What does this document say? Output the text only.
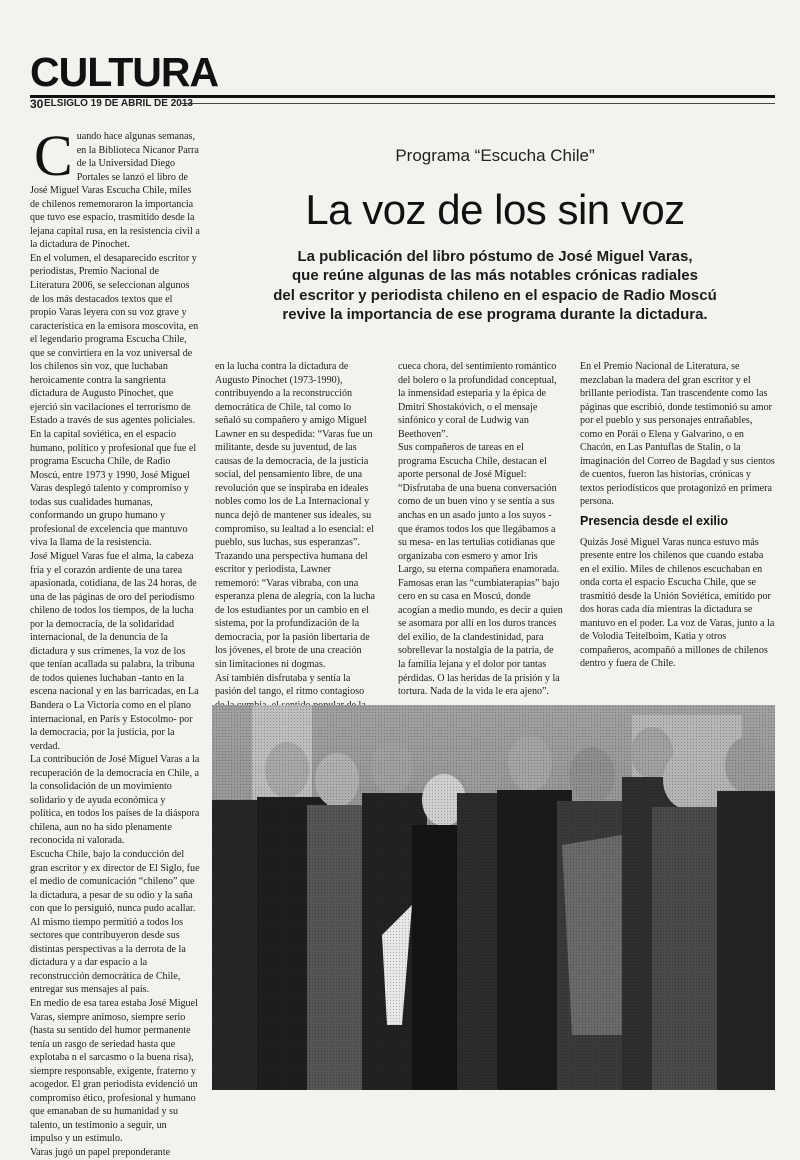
CULTURA
30 ELSIGLO 19 DE ABRIL DE 2013
Programa “Escucha Chile”
La voz de los sin voz
La publicación del libro póstumo de José Miguel Varas,
que reúne algunas de las más notables crónicas radiales
del escritor y periodista chileno en el espacio de Radio Moscú
revive la importancia de ese programa durante la dictadura.
C uando hace algunas semanas, en la Biblioteca Nicanor Parra de la Universidad Diego Portales se lanzó el libro de José Miguel Varas Escucha Chile, miles de chilenos rememoraron la importancia que tuvo ese espacio, trasmitido desde la lejana capital rusa, en la resistencia civil a la dictadura de Pinochet.

En el volumen, el desaparecido escritor y periodistas, Premio Nacional de Literatura 2006, se seleccionan algunos de los más destacados textos que el propio Varas leyera con su voz grave y característica en la emisora moscovita, en el legendario programa Escucha Chile, que se convirtiera en la voz universal de los chilenos sin voz, que luchaban heroicamente contra la sangrienta dictadura de Augusto Pinochet, que ejerció sin vacilaciones el terrorismo de Estado a través de sus agentes policiales.

En la capital soviética, en el espacio humano, político y profesional que fue el programa Escucha Chile, de Radio Moscú, entre 1973 y 1990, José Miguel Varas desplegó talento y compromiso y todas sus cualidades humanas, conformando un grupo humano y profesional de excelencia que mantuvo viva la llama de la resistencia.

José Miguel Varas fue el alma, la cabeza fría y el corazón ardiente de una tarea apasionada, cotidiana, de las 24 horas, de una de las páginas de oro del periodismo chileno de todos los tiempos, de la lucha por la democracia, de la solidaridad internacional, de la denuncia de la dictadura y sus crímenes, la voz de los que tenían acallada su palabra, la tribuna de todos quienes luchaban -tanto en la escena nacional y en las barricadas, en La Bandera o La Victoria como en el plano internacional, en París y Estocolmo- por la democracia, por la justicia, por la verdad.

La contribución de José Miguel Varas a la recuperación de la democracia en Chile, a la consolidación de un movimiento solidario y de ayuda económica y política, en todos los países de la diáspora chilena, aun no ha sido plenamente reconocida ni valorada.

Escucha Chile, bajo la conducción del gran escritor y ex director de El Siglo, fue el medio de comunicación “chileno” que la dictadura, a pesar de su odio y la saña con que lo persiguió, nunca pudo acallar.

Al mismo tiempo permitió a todos los sectores que contribuyeron desde sus distintas perspectivas a la derrota de la dictadura y a dar espacio a la reconstrucción democrática de Chile, entregar sus mensajes al país.

En medio de esa tarea estaba José Miguel Varas, siempre animoso, siempre serio (hasta su sentido del humor permanente tenía un rasgo de seriedad hasta que explotaba n el sarcasmo o la buena risa), siempre responsable, exigente, fraterno y acogedor. El gran periodista evidenció un compromiso ético, profesional y humano que emanaban de su humanidad y su talento, un testimonio a seguir, un impulso y un estímulo.

Varas jugó un papel preponderante

en la lucha contra la dictadura de Augusto Pinochet (1973-1990), contribuyendo a la reconstrucción democrática de Chile, tal como lo señaló su compañero y amigo Miguel Lawner en su despedida: “Varas fue un militante, desde su juventud, de las causas de la democracia, de la justicia social, del pensamiento libre, de una revolución que se inspiraba en ideales nobles como los de La Internacional y nunca dejó de mantener sus ideales, su compromiso, su lealtad a lo esencial: el pueblo, sus luchas, sus esperanzas”.

Trazando una perspectiva humana del escritor y periodista, Lawner rememoró: “Varas vibraba, con una esperanza plena de alegría, con la lucha de los estudiantes por un cambio en el sistema, por la profundización de la democracia, por la pasión libertaria de los jóvenes, el brote de una creación sin limitaciones ni dogmas.

Así también disfrutaba y sentía la pasión del tango, el ritmo contagioso

cueca chora, del sentimiento romántico del bolero o la profundidad conceptual, la inmensidad esteparia y la épica de Dmitri Shostakóvich, o el mensaje sinfónico y coral de Ludwig van Beethoven”.

Sus compañeros de tareas en el programa Escucha Chile, destacan el aporte personal de José Miguel: “Disfrutaba de una buena conversación como de un buen vino y se sentía a sus anchas en un asado junto a los suyos -que éramos todos los que llegábamos a su mesa- en las tertulias cotidianas que organizaba con esmero y amor Iris Largo, su eterna compañera enamorada. Famosas eran las “cumbiaterapias” bajo cero en su casa en Moscú, donde acogían a medio mundo, es decir a quien se asomara por allí en los duros trances del exilio, de la clandestinidad, para sobrellevar la nostalgia de la patria, de la familia lejana y el dolor por tantas pérdidas. O las heridas de la prisión y la tortura. Nada de la vida le era ajeno”.

En el Premio Nacional de Literatura, se mezclaban la madera del gran escritor y el brillante periodista. Tan trascendente como las páginas que escribió, donde testimonió su amor por el pueblo y sus personajes entrañables, como en Porái o Elena y Galvarino, o en Chacón, en Las Pantuflas de Stalin, o la imaginación del Correo de Bagdad y sus cientos de cuentos, fueron las historias, crónicas y textos periodísticos que protagonizó en primera persona.

Presencia desde el exilio

Quizás José Miguel Varas nunca estuvo más presente entre los chilenos que cuando estaba en el exilio. Miles de chilenos escuchaban en onda corta el espacio Escucha Chile, que se trasmitió desde la Unión Soviética, emitido por dos horas cada día mientras la dictadura se mantuvo en el poder. La voz de Varas, junto a la de Volodia Teitelboim, Katia y otros compañeros, acompañó a millones de chilenos dentro y fuera de Chile.
